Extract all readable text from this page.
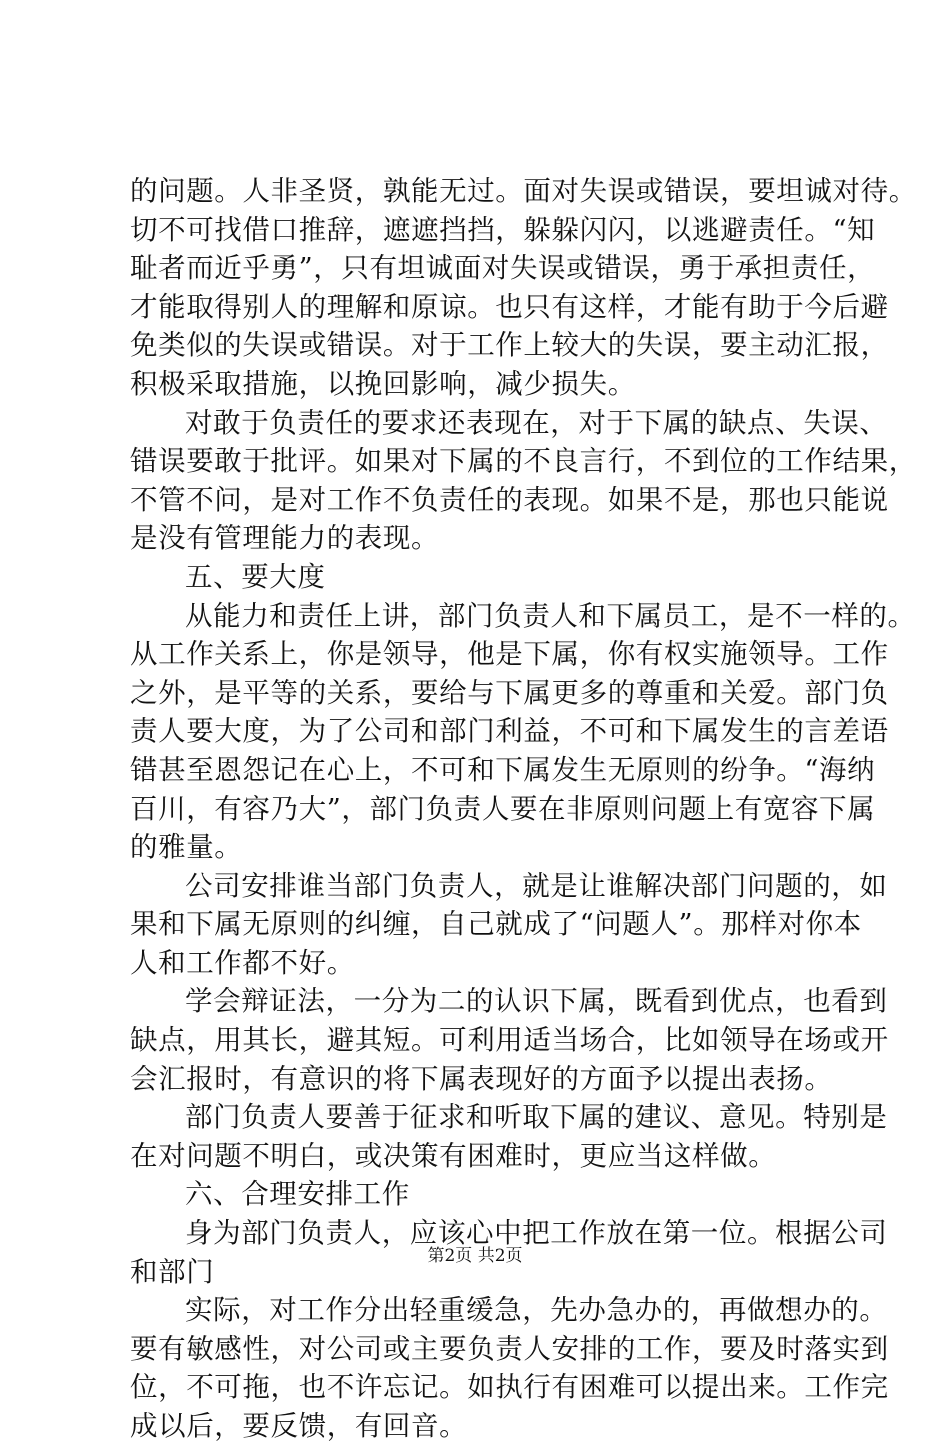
的问题。人非圣贤，孰能无过。面对失误或错误，要坦诚对待。
切不可找借口推辞，遮遮挡挡，躲躲闪闪，以逃避责任。“知
耻者而近乎勇”，只有坦诚面对失误或错误，勇于承担责任，
才能取得别人的理解和原谅。也只有这样，才能有助于今后避
免类似的失误或错误。对于工作上较大的失误，要主动汇报，
积极采取措施，以挽回影响，减少损失。
对敢于负责任的要求还表现在，对于下属的缺点、失误、
错误要敢于批评。如果对下属的不良言行，不到位的工作结果，
不管不问，是对工作不负责任的表现。如果不是，那也只能说
是没有管理能力的表现。
五、要大度
从能力和责任上讲，部门负责人和下属员工，是不一样的。
从工作关系上，你是领导，他是下属，你有权实施领导。工作
之外，是平等的关系，要给与下属更多的尊重和关爱。部门负
责人要大度，为了公司和部门利益，不可和下属发生的言差语
错甚至恩怨记在心上，不可和下属发生无原则的纷争。“海纳
百川，有容乃大”，部门负责人要在非原则问题上有宽容下属
的雅量。
公司安排谁当部门负责人，就是让谁解决部门问题的，如
果和下属无原则的纠缠，自己就成了“问题人”。那样对你本
人和工作都不好。
学会辩证法，一分为二的认识下属，既看到优点，也看到
缺点，用其长，避其短。可利用适当场合，比如领导在场或开
会汇报时，有意识的将下属表现好的方面予以提出表扬。
部门负责人要善于征求和听取下属的建议、意见。特别是
在对问题不明白，或决策有困难时，更应当这样做。
六、合理安排工作
身为部门负责人，应该心中把工作放在第一位。根据公司
和部门
实际，对工作分出轻重缓急，先办急办的，再做想办的。
要有敏感性，对公司或主要负责人安排的工作，要及时落实到
位，不可拖，也不许忘记。如执行有困难可以提出来。工作完
成以后，要反馈，有回音。
第2页 共2页
